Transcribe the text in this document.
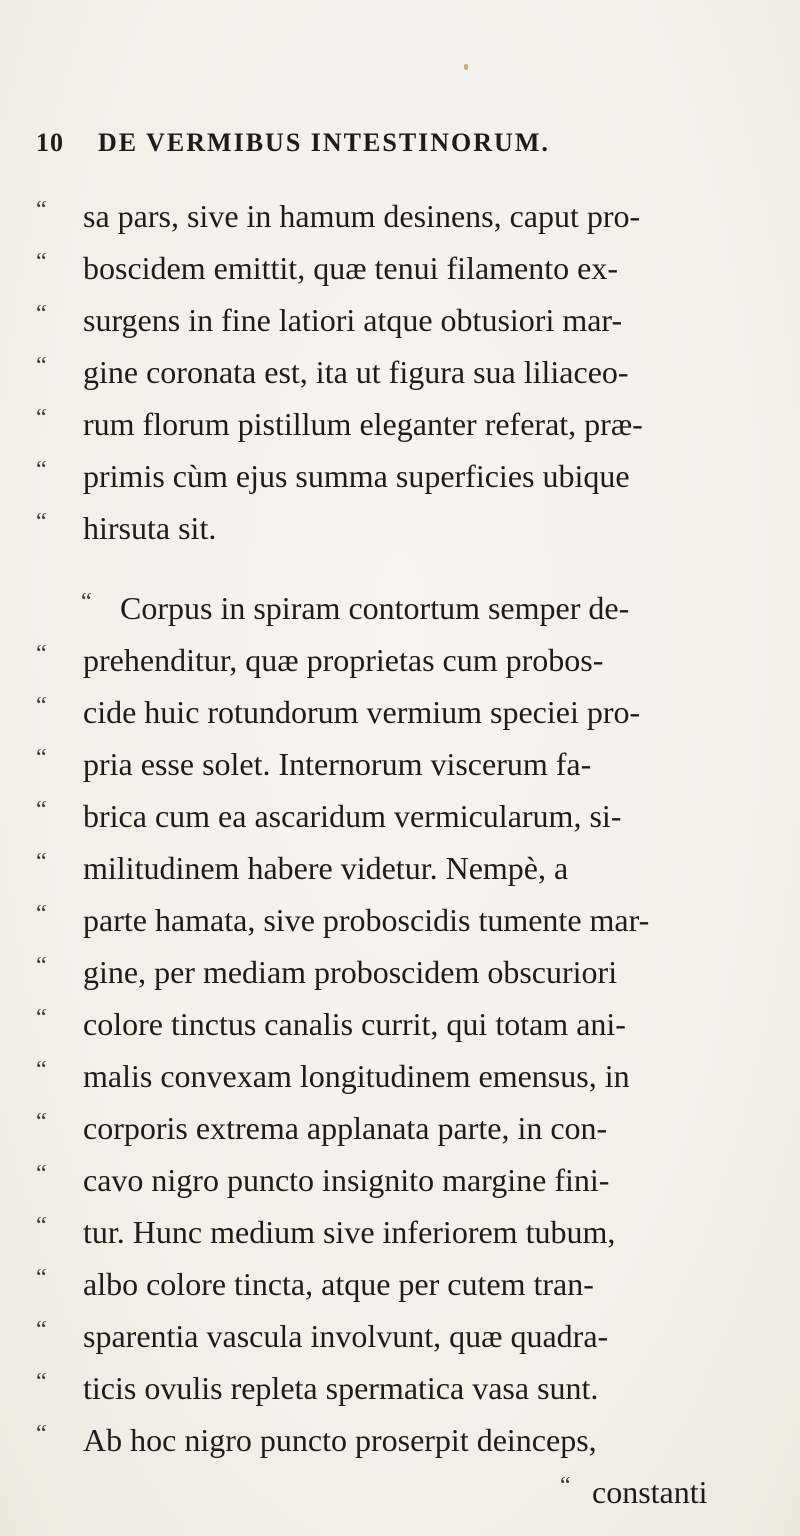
10 DE VERMIBUS INTESTINORUM.
“ sa pars, sive in hamum desinens, caput pro-
“ boscidem emittit, quæ tenui filamento ex-
“ surgens in fine latiori atque obtusiori mar-
“ gine coronata est, ita ut figura sua liliaceo-
“ rum florum pistillum eleganter referat, præ-
“ primis cùm ejus summa superficies ubique
“ hirsuta sit.
“ Corpus in spiram contortum semper de-
“ prehenditur, quæ proprietas cum probos-
“ cide huic rotundorum vermium speciei pro-
“ pria esse solet. Internorum viscerum fa-
“ brica cum ea ascaridum vermicularum, si-
“ militudinem habere videtur. Nempè, a
“ parte hamata, sive proboscidis tumente mar-
“ gine, per mediam proboscidem obscuriori
“ colore tinctus canalis currit, qui totam ani-
“ malis convexam longitudinem emensus, in
“ corporis extrema applanata parte, in con-
“ cavo nigro puncto insignito margine fini-
“ tur. Hunc medium sive inferiorem tubum,
“ albo colore tincta, atque per cutem tran-
“ sparentia vascula involvunt, quæ quadra-
“ ticis ovulis repleta spermatica vasa sunt.
“ Ab hoc nigro puncto proserpit deinceps,
“ constanti
